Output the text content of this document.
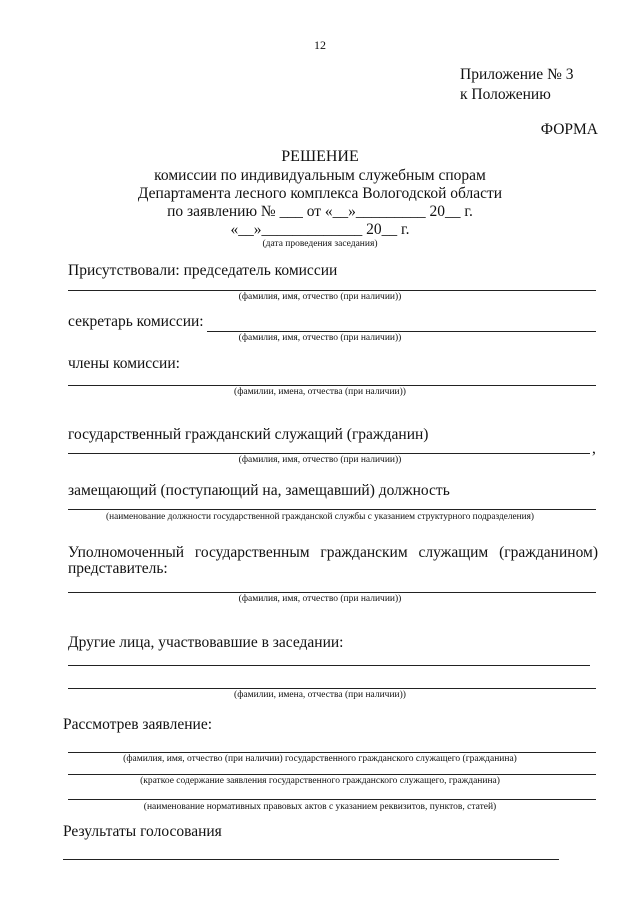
12
Приложение № 3
к Положению
ФОРМА
РЕШЕНИЕ
комиссии по индивидуальным служебным спорам
Департамента лесного комплекса Вологодской области
по заявлению № ___ от «__»_________ 20__ г.
«__»_____________ 20__ г.
(дата проведения заседания)
Присутствовали: председатель комиссии
(фамилия, имя, отчество (при наличии))
секретарь комиссии:
(фамилия, имя, отчество (при наличии))
члены комиссии:
(фамилии, имена, отчества (при наличии))
государственный гражданский служащий (гражданин)
,
(фамилия, имя, отчество (при наличии))
замещающий (поступающий на, замещавший) должность
(наименование должности государственной гражданской службы с указанием структурного подразделения)
Уполномоченный государственным гражданским служащим (гражданином)
представитель:
(фамилия, имя, отчество (при наличии))
Другие лица, участвовавшие в заседании:
(фамилии, имена, отчества (при наличии))
Рассмотрев заявление:
(фамилия, имя, отчество (при наличии) государственного гражданского служащего (гражданина)
(краткое содержание заявления государственного гражданского служащего, гражданина)
(наименование нормативных правовых актов с указанием реквизитов, пунктов, статей)
Результаты голосования
